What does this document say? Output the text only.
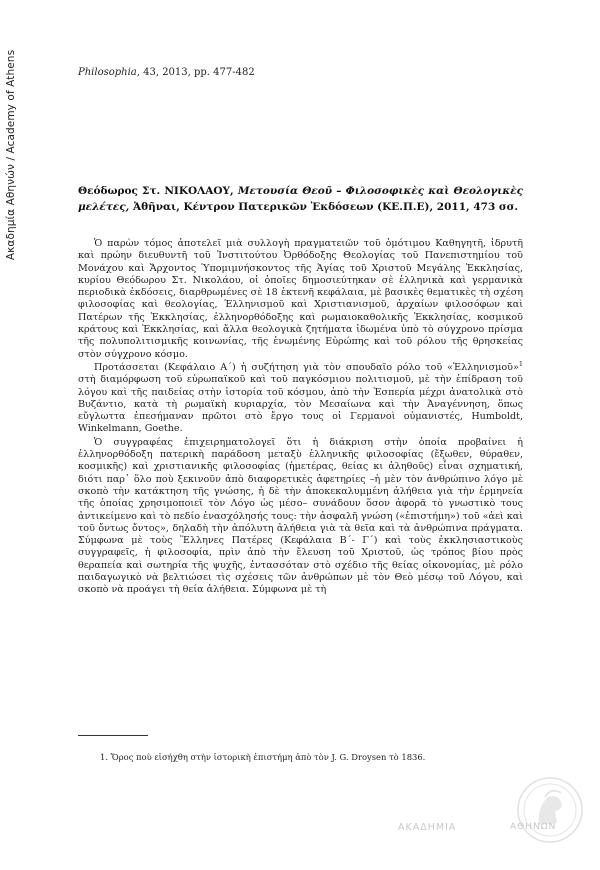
Ακαδημία Αθηνών / Academy of Athens	Philosophia, 43, 2013, pp. 477-482
Θεόδωρος Στ. ΝΙΚΟΛΑΟΥ, Μετουσία Θεοῦ – Φιλοσοφικὲς καὶ Θεολογικὲς μελέτες, Ἀθῆναι, Κέντρον Πατερικῶν Ἐκδόσεων (ΚΕ.Π.Ε), 2011, 473 σσ.

Ὁ παρὼν τόμος ἀποτελεῖ μιὰ συλλογὴ πραγματειῶν τοῦ ὁμότιμου Καθηγητῆ, ἱδρυτῆ καὶ πρώην διευθυντῆ τοῦ Ἰνστιτούτου Ὀρθόδοξης Θεολογίας τοῦ Πανεπιστημίου τοῦ Μονάχου καὶ Ἄρχοντος Ὑπομιμνήσκοντος τῆς Ἁγίας τοῦ Χριστοῦ Μεγάλης Ἐκκλησίας, κυρίου Θεόδωρου Στ. Νικολάου, οἱ ὁποῖες δημοσιεύτηκαν σὲ ἑλληνικὰ καὶ γερμανικὰ περιοδικὰ ἐκδόσεις, διαρθρωμένες σὲ 18 ἐκτενῆ κεφάλαια, μὲ βασικὲς θεματικὲς τὴ σχέση φιλοσοφίας καὶ θεολογίας, Ἑλληνισμοῦ καὶ Χριστιανισμοῦ, ἀρχαίων φιλοσόφων καὶ Πατέρων τῆς Ἐκκλησίας, ἑλληνορθόδοξης καὶ ρωμαιοκαθολικῆς Ἐκκλησίας, κοσμικοῦ κράτους καὶ Ἐκκλησίας, καὶ ἄλλα θεολογικὰ ζητήματα ἰδωμένα ὑπὸ τὸ σύγχρονο πρίσμα τῆς πολυπολιτισμικῆς κοινωνίας, τῆς ἑνωμένης Εὐρώπης καὶ τοῦ ρόλου τῆς θρησκείας στὸν σύγχρονο κόσμο.

Προτάσσεται (Κεφάλαιο Α΄) ἡ συζήτηση γιὰ τὸν σπουδαῖο ρόλο τοῦ «Ἑλληνισμοῦ»$^1$ στὴ διαμόρφωση τοῦ εὐρωπαϊκοῦ καὶ τοῦ παγκόσμιου πολιτισμοῦ, μὲ τὴν ἐπίδραση τοῦ λόγου καὶ τῆς παιδείας στὴν ἱστορία τοῦ κόσμου, ἀπὸ τὴν Ἑσπερία μέχρι ἀνατολικὰ στὸ Βυζάντιο, κατὰ τὴ ρωμαϊκὴ κυριαρχία, τὸν Μεσαίωνα καὶ τὴν Ἀναγέννηση, ὅπως εὔγλωττα ἐπεσήμαναν πρῶτοι στὸ ἔργο τους οἱ Γερμανοὶ οὐμανιστές, Humboldt, Winkelmann, Goethe.

Ὁ συγγραφέας ἐπιχειρηματολογεῖ ὅτι ἡ διάκριση στὴν ὁποία προβαίνει ἡ ἑλληνορθόδοξη πατερικὴ παράδοση μεταξὺ ἑλληνικῆς φιλοσοφίας (ἔξωθεν, θύραθεν, κοσμικῆς) καὶ χριστιανικῆς φιλοσοφίας (ἡμετέρας, θείας κι ἀληθοῦς) εἶναι σχηματική, διότι παρ᾽ ὅλο ποὺ ξεκινοῦν ἀπὸ διαφορετικὲς ἀφετηρίες –ἡ μὲν τὸν ἀνθρώπινο λόγο μὲ σκοπὸ τὴν κατάκτηση τῆς γνώσης, ἡ δὲ τὴν ἀποκεκαλυμμένη ἀλήθεια γιὰ τὴν ἑρμηνεία τῆς ὁποίας χρησιμοποιεῖ τὸν Λόγο ὡς μέσο– συνάδουν ὅσον ἀφορᾶ τὸ γνωστικὸ τους ἀντικείμενο καὶ τὸ πεδίο ἐνασχόλησής τους: τὴν ἀσφαλῆ γνώση («ἐπιστήμη») τοῦ «ἀεὶ καὶ τοῦ ὄντως ὄντος», δηλαδὴ τὴν ἀπόλυτη ἀλήθεια γιὰ τὰ θεῖα καὶ τὰ ἀνθρώπινα πράγματα. Σύμφωνα μὲ τοὺς Ἕλληνες Πατέρες (Κεφάλαια Β΄- Γ΄) καὶ τοὺς ἐκκλησιαστικοὺς συγγραφεῖς, ἡ φιλοσοφία, πρὶν ἀπὸ τὴν ἔλευση τοῦ Χριστοῦ, ὡς τρόπος βίου πρὸς θεραπεία καὶ σωτηρία τῆς ψυχῆς, ἐντασσόταν στὸ σχέδιο τῆς θείας οἰκονομίας, μὲ ρόλο παιδαγωγικὸ νὰ βελτιώσει τὶς σχέσεις τῶν ἀνθρώπων μὲ τὸν Θεὸ μέσῳ τοῦ Λόγου, καὶ σκοπὸ νὰ προάγει τὴ θεία ἀλήθεια. Σύμφωνα μὲ τὴ

1. Ὅρος ποὺ εἰσήχθη στὴν ἱστορικὴ ἐπιστήμη ἀπὸ τὸν J. G. Droysen τὸ 1836.
ΑΚΑΔΗΜΙΑ	ΑΘΗΝΩΝ
